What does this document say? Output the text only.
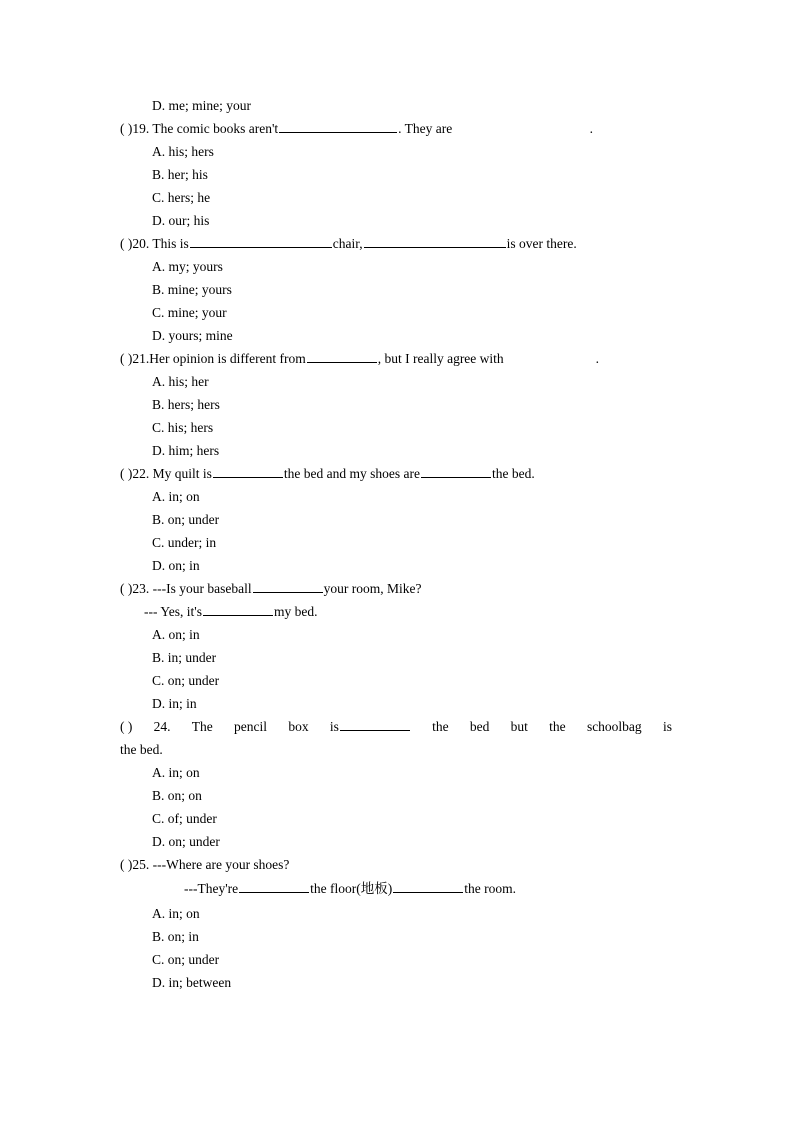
D. me; mine; your
( )19. The comic books aren't	. They are	.
A. his; hers
B. her; his
C. hers; he
D. our; his
( )20. This is	chair,	is over there.
A. my; yours
B. mine; yours
C. mine; your
D. yours; mine
( )21.Her opinion is different from	, but I really agree with	.
A. his; her
B. hers; hers
C. his; hers
D. him; hers
( )22. My quilt is	the bed and my shoes are	the bed.
A. in; on
B. on; under
C. under; in
D. on; in
( )23. ---Is your baseball	your room, Mike?
--- Yes, it's	my bed.
A. on; in
B. in; under
C. on; under
D. in; in
( ) 24. The pencil box is	the bed but the schoolbag is
the bed.
A. in; on
B. on; on
C. of; under
D. on; under
( )25. ---Where are your shoes?
---They're	the floor(地板)	the room.
A. in; on
B. on; in
C. on; under
D. in; between
